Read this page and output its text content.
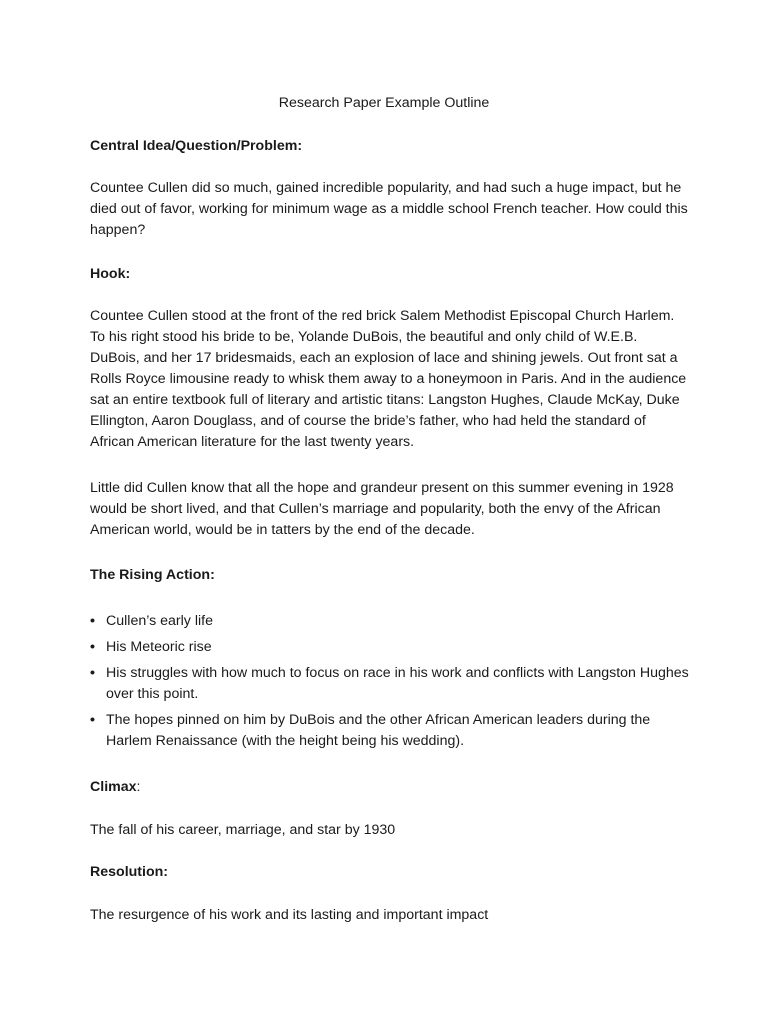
Research Paper Example Outline
Central Idea/Question/Problem:

Countee Cullen did so much, gained incredible popularity, and had such a huge impact, but he died out of favor, working for minimum wage as a middle school French teacher. How could this happen?

Hook:

Countee Cullen stood at the front of the red brick Salem Methodist Episcopal Church Harlem. To his right stood his bride to be, Yolande DuBois, the beautiful and only child of W.E.B. DuBois, and her 17 bridesmaids, each an explosion of lace and shining jewels. Out front sat a Rolls Royce limousine ready to whisk them away to a honeymoon in Paris. And in the audience sat an entire textbook full of literary and artistic titans: Langston Hughes, Claude McKay, Duke Ellington, Aaron Douglass, and of course the bride’s father, who had held the standard of African American literature for the last twenty years.

Little did Cullen know that all the hope and grandeur present on this summer evening in 1928 would be short lived, and that Cullen’s marriage and popularity, both the envy of the African American world, would be in tatters by the end of the decade.

The Rising Action:
• Cullen’s early life
• His Meteoric rise
• His struggles with how much to focus on race in his work and conflicts with Langston Hughes over this point.
• The hopes pinned on him by DuBois and the other African American leaders during the Harlem Renaissance (with the height being his wedding).
Climax:

The fall of his career, marriage, and star by 1930

Resolution:

The resurgence of his work and its lasting and important impact
